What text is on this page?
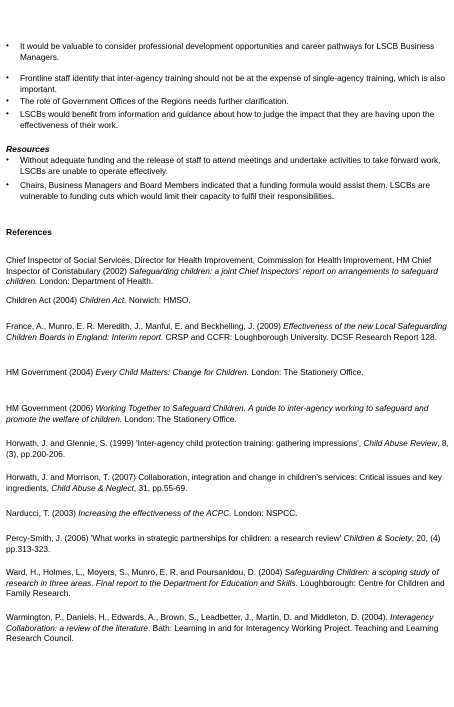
•	It would be valuable to consider professional development opportunities and career pathways for LSCB Business Managers.
•	Frontline staff identify that inter-agency training should not be at the expense of single-agency training, which is also important.
•	The role of Government Offices of the Regions needs further clarification.
•	LSCBs would benefit from information and guidance about how to judge the impact that they are having upon the effectiveness of their work.
Resources
•	Without adequate funding and the release of staff to attend meetings and undertake activities to take forward work, LSCBs are unable to operate effectively.
•	Chairs, Business Managers and Board Members indicated that a funding formula would assist them. LSCBs are vulnerable to funding cuts which would limit their capacity to fulfil their responsibilities.
References
Chief Inspector of Social Services, Director for Health Improvement, Commission for Health Improvement, HM Chief Inspector of Constabulary (2002) Safeguarding children: a joint Chief Inspectors' report on arrangements to safeguard children. London: Department of Health.
Children Act (2004) Children Act. Norwich: HMSO.
France, A., Munro, E. R. Meredith, J., Manful, E. and Beckhelling, J. (2009) Effectiveness of the new Local Safeguarding Children Boards in England: Interim report. CRSP and CCFR: Loughborough University. DCSF Research Report 128.
HM Government (2004) Every Child Matters: Change for Children. London: The Stationery Office.
HM Government (2006) Working Together to Safeguard Children. A guide to inter-agency working to safeguard and promote the welfare of children. London: The Stationery Office.
Horwath, J. and Glennie, S. (1999) 'Inter-agency child protection training: gathering impressions', Child Abuse Review, 8, (3), pp.200-206.
Horwath, J. and Morrison, T. (2007) Collaboration, integration and change in children's services: Critical issues and key ingredients, Child Abuse & Neglect, 31, pp.55-69.
Narducci, T. (2003) Increasing the effectiveness of the ACPC. London: NSPCC.
Percy-Smith, J. (2006) 'What works in strategic partnerships for children: a research review' Children & Society, 20, (4) pp.313-323.
Ward, H., Holmes, L., Moyers, S., Munro, E. R. and Poursanidou, D. (2004) Safeguarding Children: a scoping study of research in three areas. Final report to the Department for Education and Skills. Loughborough: Centre for Children and Family Research.
Warmington, P., Daniels, H., Edwards, A., Brown, S., Leadbetter, J., Martin, D. and Middleton, D. (2004). Interagency Collaboration: a review of the literature. Bath: Learning in and for Interagency Working Project. Teaching and Learning Research Council.
